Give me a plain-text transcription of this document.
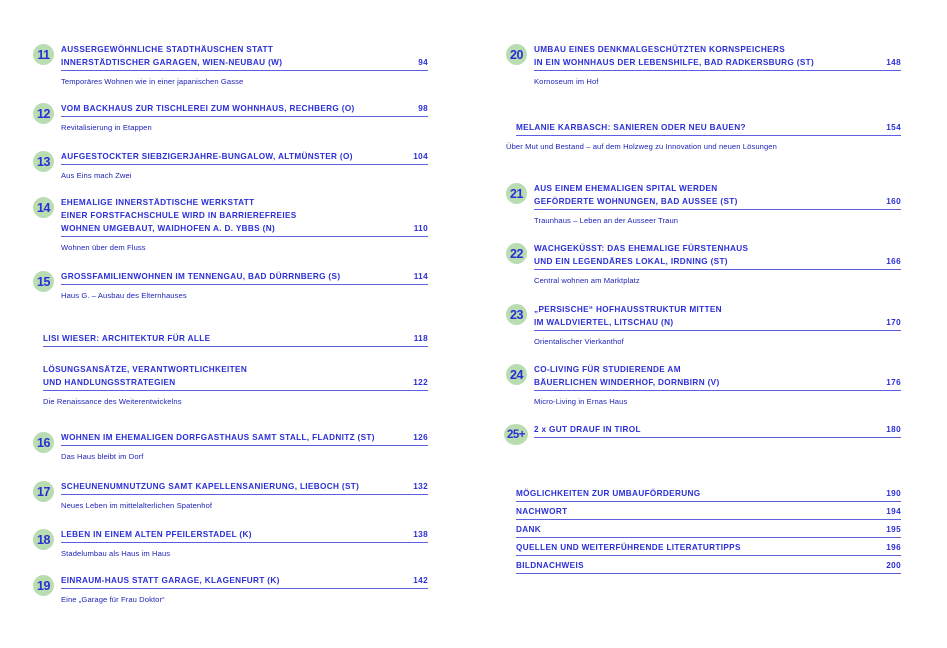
11	AUSSERGEWÖHNLICHE STADTHÄUSCHEN STATT
INNERSTÄDTISCHER GARAGEN, WIEN-NEUBAU (W)	94
Temporäres Wohnen wie in einer japanischen Gasse
12	VOM BACKHAUS ZUR TISCHLEREI ZUM WOHNHAUS, RECHBERG (O)	98
Revitalisierung in Etappen
13	AUFGESTOCKTER SIEBZIGERJAHRE-BUNGALOW, ALTMÜNSTER (O)	104
Aus Eins mach Zwei
14	EHEMALIGE INNERSTÄDTISCHE WERKSTATT
EINER FORSTFACHSCHULE WIRD IN BARRIEREFREIES
WOHNEN UMGEBAUT, WAIDHOFEN A. D. YBBS (N)	110
Wohnen über dem Fluss
15	GROSSFAMILIENWOHNEN IM TENNENGAU, BAD DÜRRNBERG (S)	114
Haus G. – Ausbau des Elternhauses
LISI WIESER: ARCHITEKTUR FÜR ALLE	118
LÖSUNGSANSÄTZE, VERANTWORTLICHKEITEN
UND HANDLUNGSSTRATEGIEN	122
Die Renaissance des Weiterentwickelns
16	WOHNEN IM EHEMALIGEN DORFGASTHAUS SAMT STALL, FLADNITZ (ST)	126
Das Haus bleibt im Dorf
17	SCHEUNENUMNUTZUNG SAMT KAPELLENSANIERUNG, LIEBOCH (ST)	132
Neues Leben im mittelalterlichen Spatenhof
18	LEBEN IN EINEM ALTEN PFEILERSTADEL (K)	138
Stadelumbau als Haus im Haus
19	EINRAUM-HAUS STATT GARAGE, KLAGENFURT (K)	142
Eine „Garage für Frau Doktor“
20	UMBAU EINES DENKMALGESCHÜTZTEN KORNSPEICHERS
IN EIN WOHNHAUS DER LEBENSHILFE, BAD RADKERSBURG (ST)	148
Kornoseum im Hof
MELANIE KARBASCH: SANIEREN ODER NEU BAUEN?	154
Über Mut und Bestand – auf dem Holzweg zu Innovation und neuen Lösungen
21	AUS EINEM EHEMALIGEN SPITAL WERDEN
GEFÖRDERTE WOHNUNGEN, BAD AUSSEE (ST)	160
Traunhaus – Leben an der Ausseer Traun
22	WACHGEKÜSST: DAS EHEMALIGE FÜRSTENHAUS
UND EIN LEGENDÄRES LOKAL, IRDNING (ST)	166
Central wohnen am Marktplatz
23	„PERSISCHE“ HOFHAUSSTRUKTUR MITTEN
IM WALDVIERTEL, LITSCHAU (N)	170
Orientalischer Vierkanthof
24	CO-LIVING FÜR STUDIERENDE AM
BÄUERLICHEN WINDERHOF, DORNBIRN (V)	176
Micro-Living in Ernas Haus
25+	2 x GUT DRAUF IN TIROL	180
MÖGLICHKEITEN ZUR UMBAUFÖRDERUNG	190
NACHWORT	194
DANK	195
QUELLEN UND WEITERFÜHRENDE LITERATURTIPPS	196
BILDNACHWEIS	200
